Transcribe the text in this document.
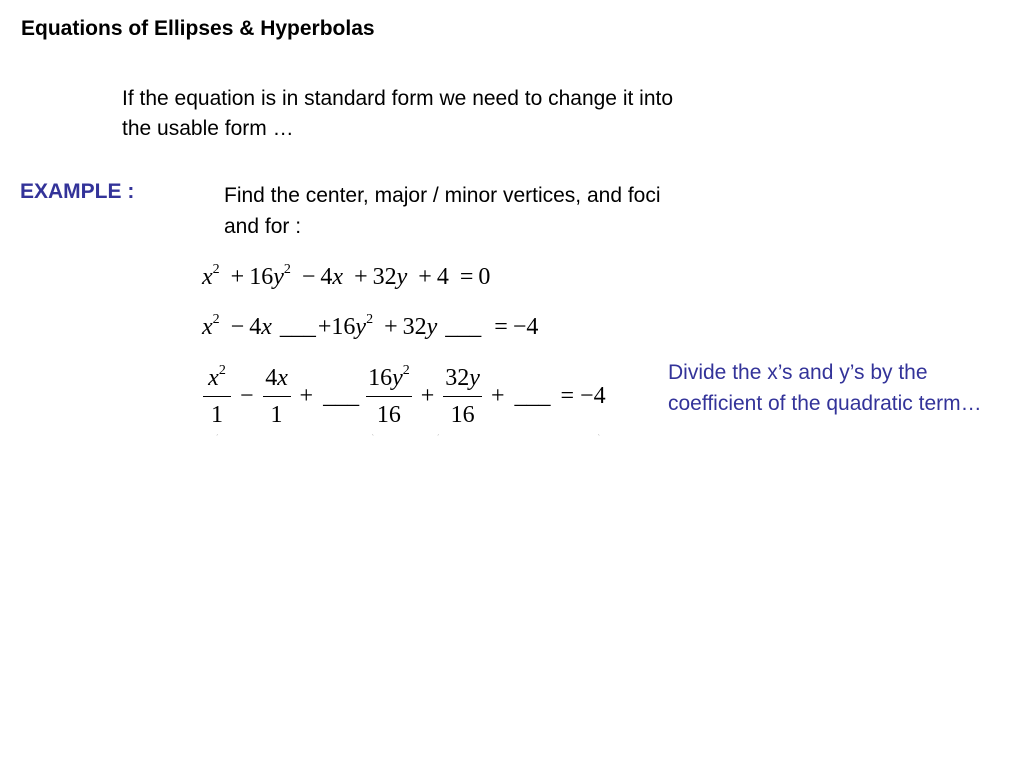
Equations of Ellipses & Hyperbolas
If the equation is in standard form we need to change it into the usable form …
EXAMPLE :	Find the center, major / minor vertices, and foci and for :
$x^2 + 16y^2 - 4x + 32y + 4 = 0$
$x^2 - 4x$ $\_\_\_+16y^2 + 32y$ ___ = −4
$\frac{x^2}{1} - \frac{4x}{1}$ + ___ $\frac{16y^2}{16} + \frac{32y}{16}$ + ___ = −4
ˏ	ˎ	ˏ	ˎ
Divide the x’s and y’s by the coefficient of the quadratic term…
